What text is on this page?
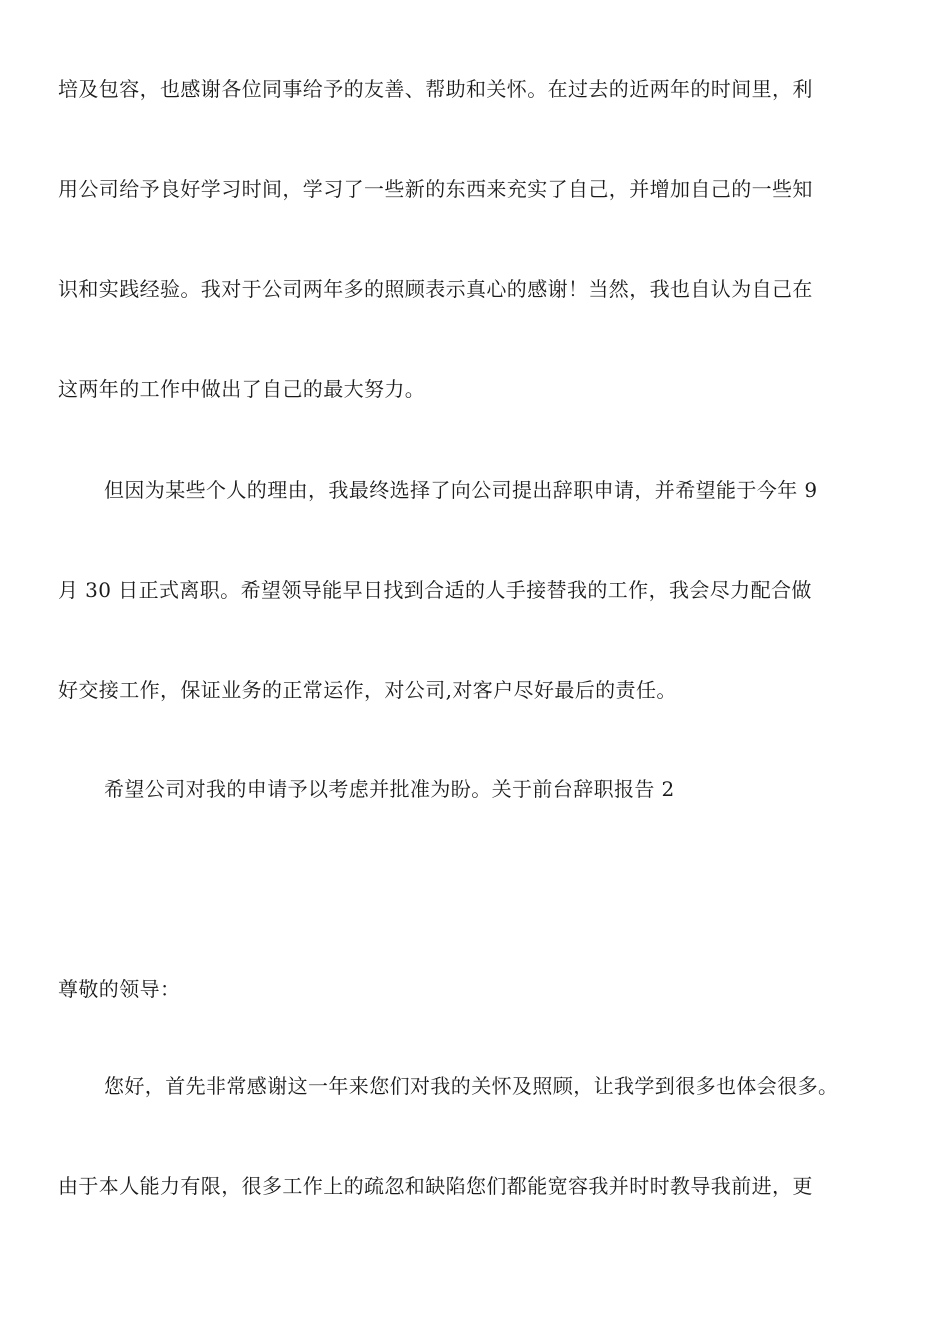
培及包容，也感谢各位同事给予的友善、帮助和关怀。在过去的近两年的时间里，利
用公司给予良好学习时间，学习了一些新的东西来充实了自己，并增加自己的一些知
识和实践经验。我对于公司两年多的照顾表示真心的感谢！当然，我也自认为自己在
这两年的工作中做出了自己的最大努力。
但因为某些个人的理由，我最终选择了向公司提出辞职申请，并希望能于今年 9
月 30 日正式离职。希望领导能早日找到合适的人手接替我的工作，我会尽力配合做
好交接工作，保证业务的正常运作，对公司,对客户尽好最后的责任。
希望公司对我的申请予以考虑并批准为盼。关于前台辞职报告 2
尊敬的领导：
您好，首先非常感谢这一年来您们对我的关怀及照顾，让我学到很多也体会很多。
由于本人能力有限，很多工作上的疏忽和缺陷您们都能宽容我并时时教导我前进，更
